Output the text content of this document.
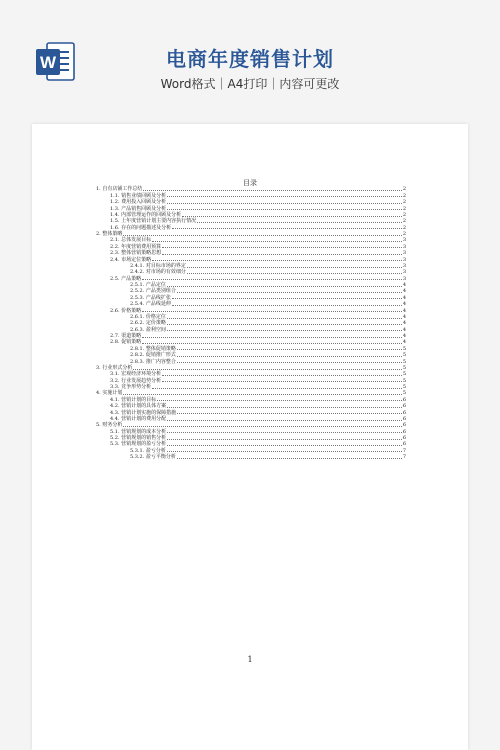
W	电商年度销售计划
Word格式｜A4打印｜内容可更改
目录
1. 自有店铺工作总结	2
1.1. 销售业绩回顾及分析	2
1.2. 费用投入回顾及分析	2
1.3. 产品销售回顾及分析	2
1.4. 内部管理运作的回顾及分析	2
1.5. 上年度营销计划主要内容执行情况	2
1.6. 存在的问题描述及分析	2
2. 整体策略	2
2.1. 总体发展目标	3
2.2. 年度营销费用预算	3
2.3. 整体营销策略思想	3
2.4. 市场定位策略	3
2.4.1. 对目标市场的界定	3
2.4.2. 对市场的有效细分	3
2.5. 产品策略	3
2.5.1. 产品定位	4
2.5.2. 产品类别组合	4
2.5.3. 产品线扩张	4
2.5.4. 产品线延伸	4
2.6. 价格策略	4
2.6.1. 价格定位	4
2.6.2. 定价策略	4
2.6.3. 盈利空间	4
2.7. 渠道策略	4
2.8. 促销策略	4
2.8.1. 整体促销策略	5
2.8.2. 促销推广形式	5
2.8.3. 推广内容整合	5
3. 行业形式分析	5
3.1. 宏观经济环境分析	5
3.2. 行业发展趋势分析	5
3.3. 竞争形势分析	5
4. 实施计划	5
4.1. 营销计划的目标	6
4.2. 营销计划的具体方案	6
4.3. 营销计划实施的保障措施	6
4.4. 营销计划的费用分配	6
5. 财务分析	6
5.1. 营销规划的成本分析	6
5.2. 营销规划的销售分析	6
5.3. 营销规划的盈亏分析	6
5.3.1. 盈亏分析	7
5.3.2. 盈亏平衡分析	7
1
